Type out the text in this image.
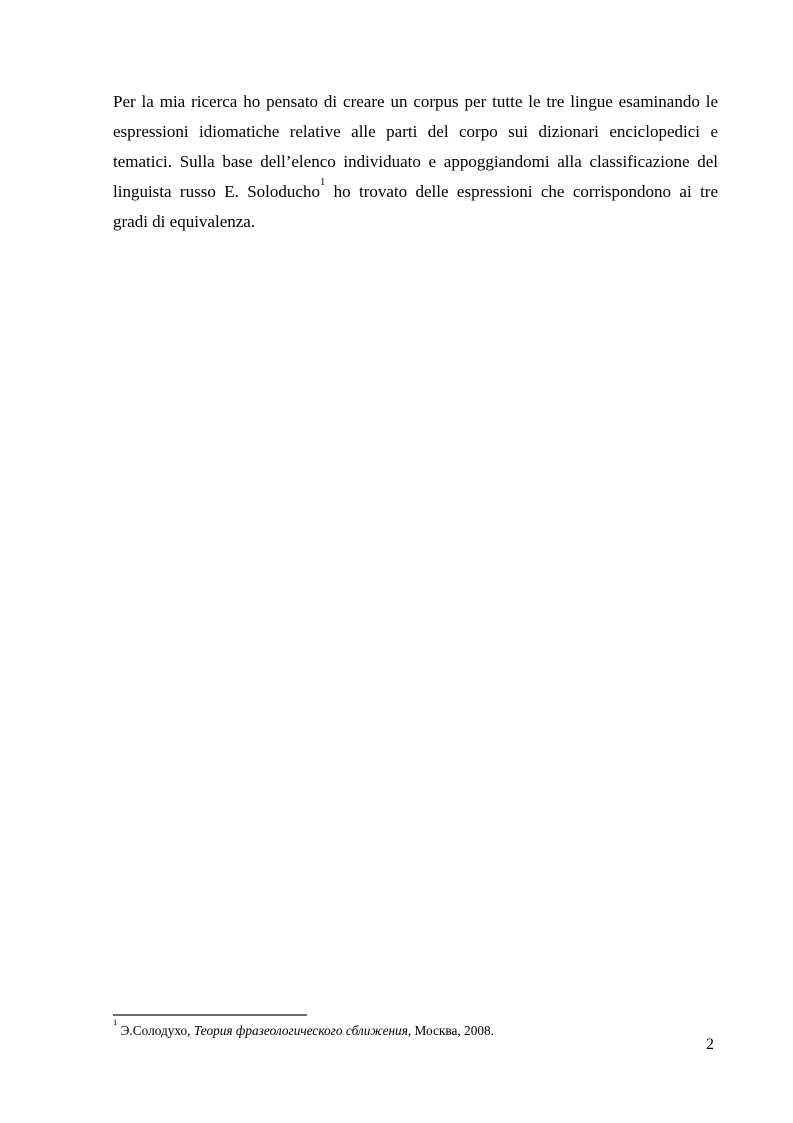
Per la mia ricerca ho pensato di creare un corpus per tutte le tre lingue esaminando le
espressioni idiomatiche relative alle parti del corpo sui dizionari enciclopedici e
tematici. Sulla base dell’elenco individuato e appoggiandomi alla classificazione del
linguista russo E. Soloducho$^1$ ho trovato delle espressioni che corrispondono ai tre
gradi di equivalenza.
$^1$ Э.Солодухо, Теория фразеологического сближения, Москва, 2008.
2
